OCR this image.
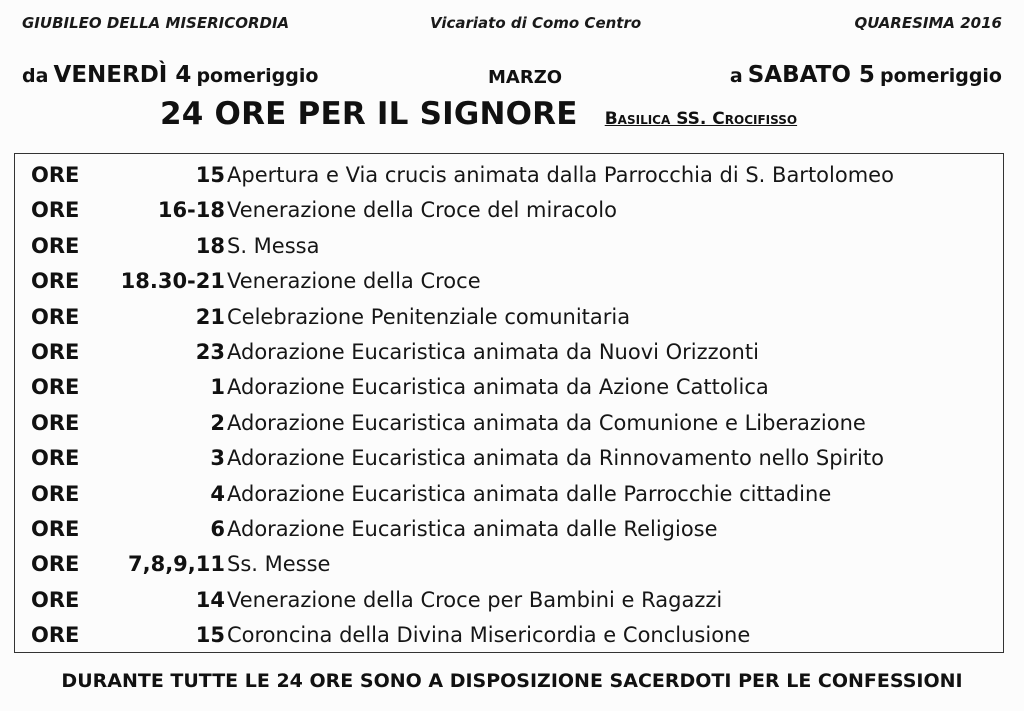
GIUBILEO DELLA MISERICORDIA	Vicariato di Como Centro	QUARESIMA 2016
da VENERDÌ 4 pomeriggio	MARZO	a SABATO 5 pomeriggio
24 ORE PER IL SIGNORE Basilica SS. Crocifisso
ORE	15 Apertura e Via crucis animata dalla Parrocchia di S. Bartolomeo
ORE	16-18 Venerazione della Croce del miracolo
ORE	18 S. Messa
ORE 18.30-21 Venerazione della Croce
ORE	21 Celebrazione Penitenziale comunitaria
ORE	23 Adorazione Eucaristica animata da Nuovi Orizzonti
ORE	1 Adorazione Eucaristica animata da Azione Cattolica
ORE	2 Adorazione Eucaristica animata da Comunione e Liberazione
ORE	3 Adorazione Eucaristica animata da Rinnovamento nello Spirito
ORE	4 Adorazione Eucaristica animata dalle Parrocchie cittadine
ORE	6 Adorazione Eucaristica animata dalle Religiose
ORE 7,8,9,11 Ss. Messe
ORE	14 Venerazione della Croce per Bambini e Ragazzi
ORE	15 Coroncina della Divina Misericordia e Conclusione
DURANTE TUTTE LE 24 ORE SONO A DISPOSIZIONE SACERDOTI PER LE CONFESSIONI
